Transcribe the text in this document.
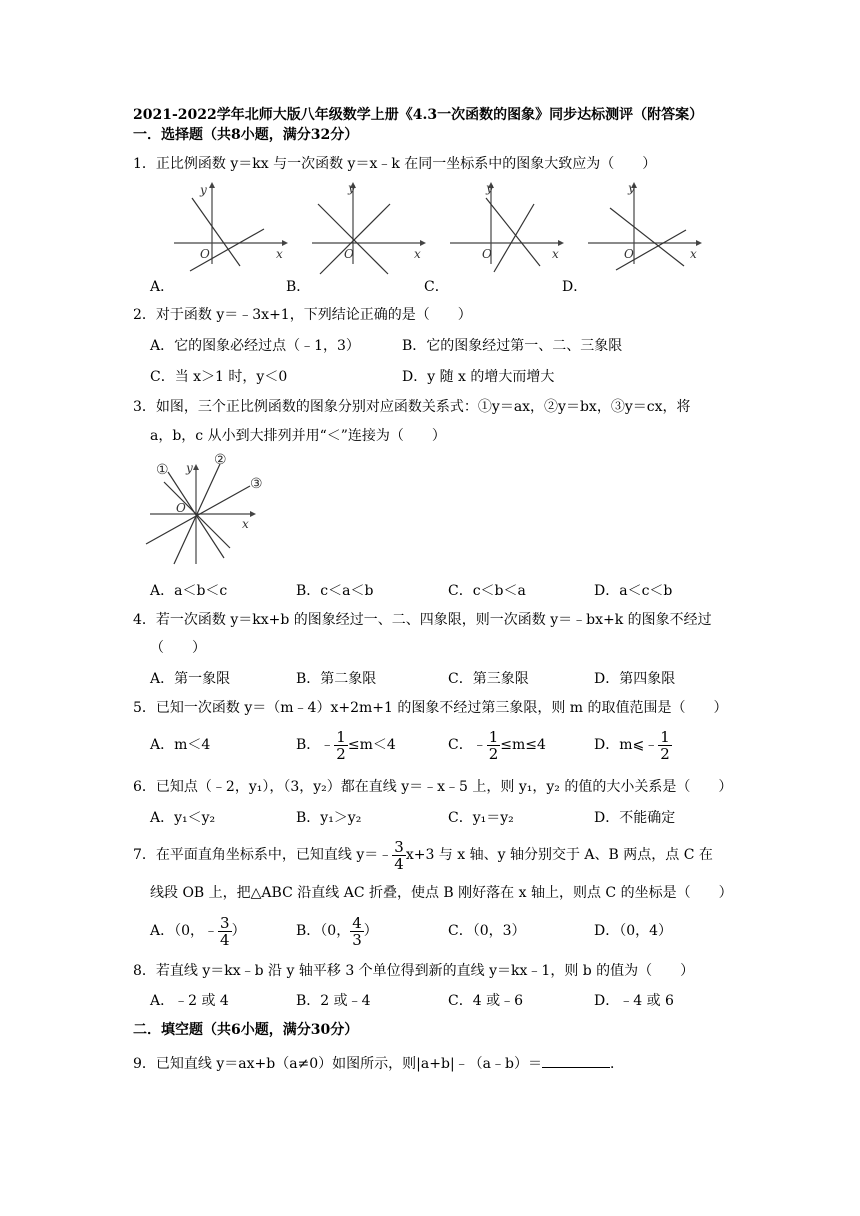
2021-2022学年北师大版八年级数学上册《4.3一次函数的图象》同步达标测评（附答案）
一．选择题（共8小题，满分32分）
1．正比例函数 y＝kx 与一次函数 y＝x﹣k 在同一坐标系中的图象大致应为（　　）
y
O	x
y
O	x
y
O	x
y
O	x
A．	B．	C．	D．
2．对于函数 y＝﹣3x+1，下列结论正确的是（　　）
A．它的图象必经过点（﹣1，3）	B．它的图象经过第一、二、三象限
C．当 x＞1 时，y＜0	D．y 随 x 的增大而增大
3．如图，三个正比例函数的图象分别对应函数关系式：①y＝ax，②y＝bx，③y＝cx，将
a，b，c 从小到大排列并用“＜”连接为（　　）
①
②
③
O
y
x
A．a＜b＜c	B．c＜a＜b	C．c＜b＜a	D．a＜c＜b
4．若一次函数 y＝kx+b 的图象经过一、二、四象限，则一次函数 y＝﹣bx+k 的图象不经过
（　　）
A．第一象限	B．第二象限	C．第三象限	D．第四象限
5．已知一次函数 y＝（m﹣4）x+2m+1 的图象不经过第三象限，则 m 的取值范围是（　　）
A．m＜4	B．﹣ $\frac{1}{2} \le m<4$	C．﹣ $\frac{1}{2} \le m\le 4$	D．m⩽﹣ $\frac{1}{2}$
6．已知点（﹣2，y₁），（3，y₂）都在直线 y＝﹣x﹣5 上，则 y₁，y₂ 的值的大小关系是（　　）
A．y₁＜y₂	B．y₁＞y₂	C．y₁＝y₂	D．不能确定
7．在平面直角坐标系中，已知直线 y＝﹣ $\frac{3}{4} x+3$ 与 x 轴、y 轴分别交于 A、B 两点，点 C 在
线段 OB 上，把△ABC 沿直线 AC 折叠，使点 B 刚好落在 x 轴上，则点 C 的坐标是（　　）
A．（0，﹣ $\frac{3}{4}$ ）	B．（0， $\frac{4}{3}$ ）	C．（0，3）	D．（0，4）
8．若直线 y＝kx﹣b 沿 y 轴平移 3 个单位得到新的直线 y＝kx﹣1，则 b 的值为（　　）
A．﹣2 或 4	B．2 或﹣4	C．4 或﹣6	D．﹣4 或 6
二．填空题（共6小题，满分30分）
9．已知直线 y＝ax+b（a≠0）如图所示，则|a+b|﹣（a﹣b）＝	．
